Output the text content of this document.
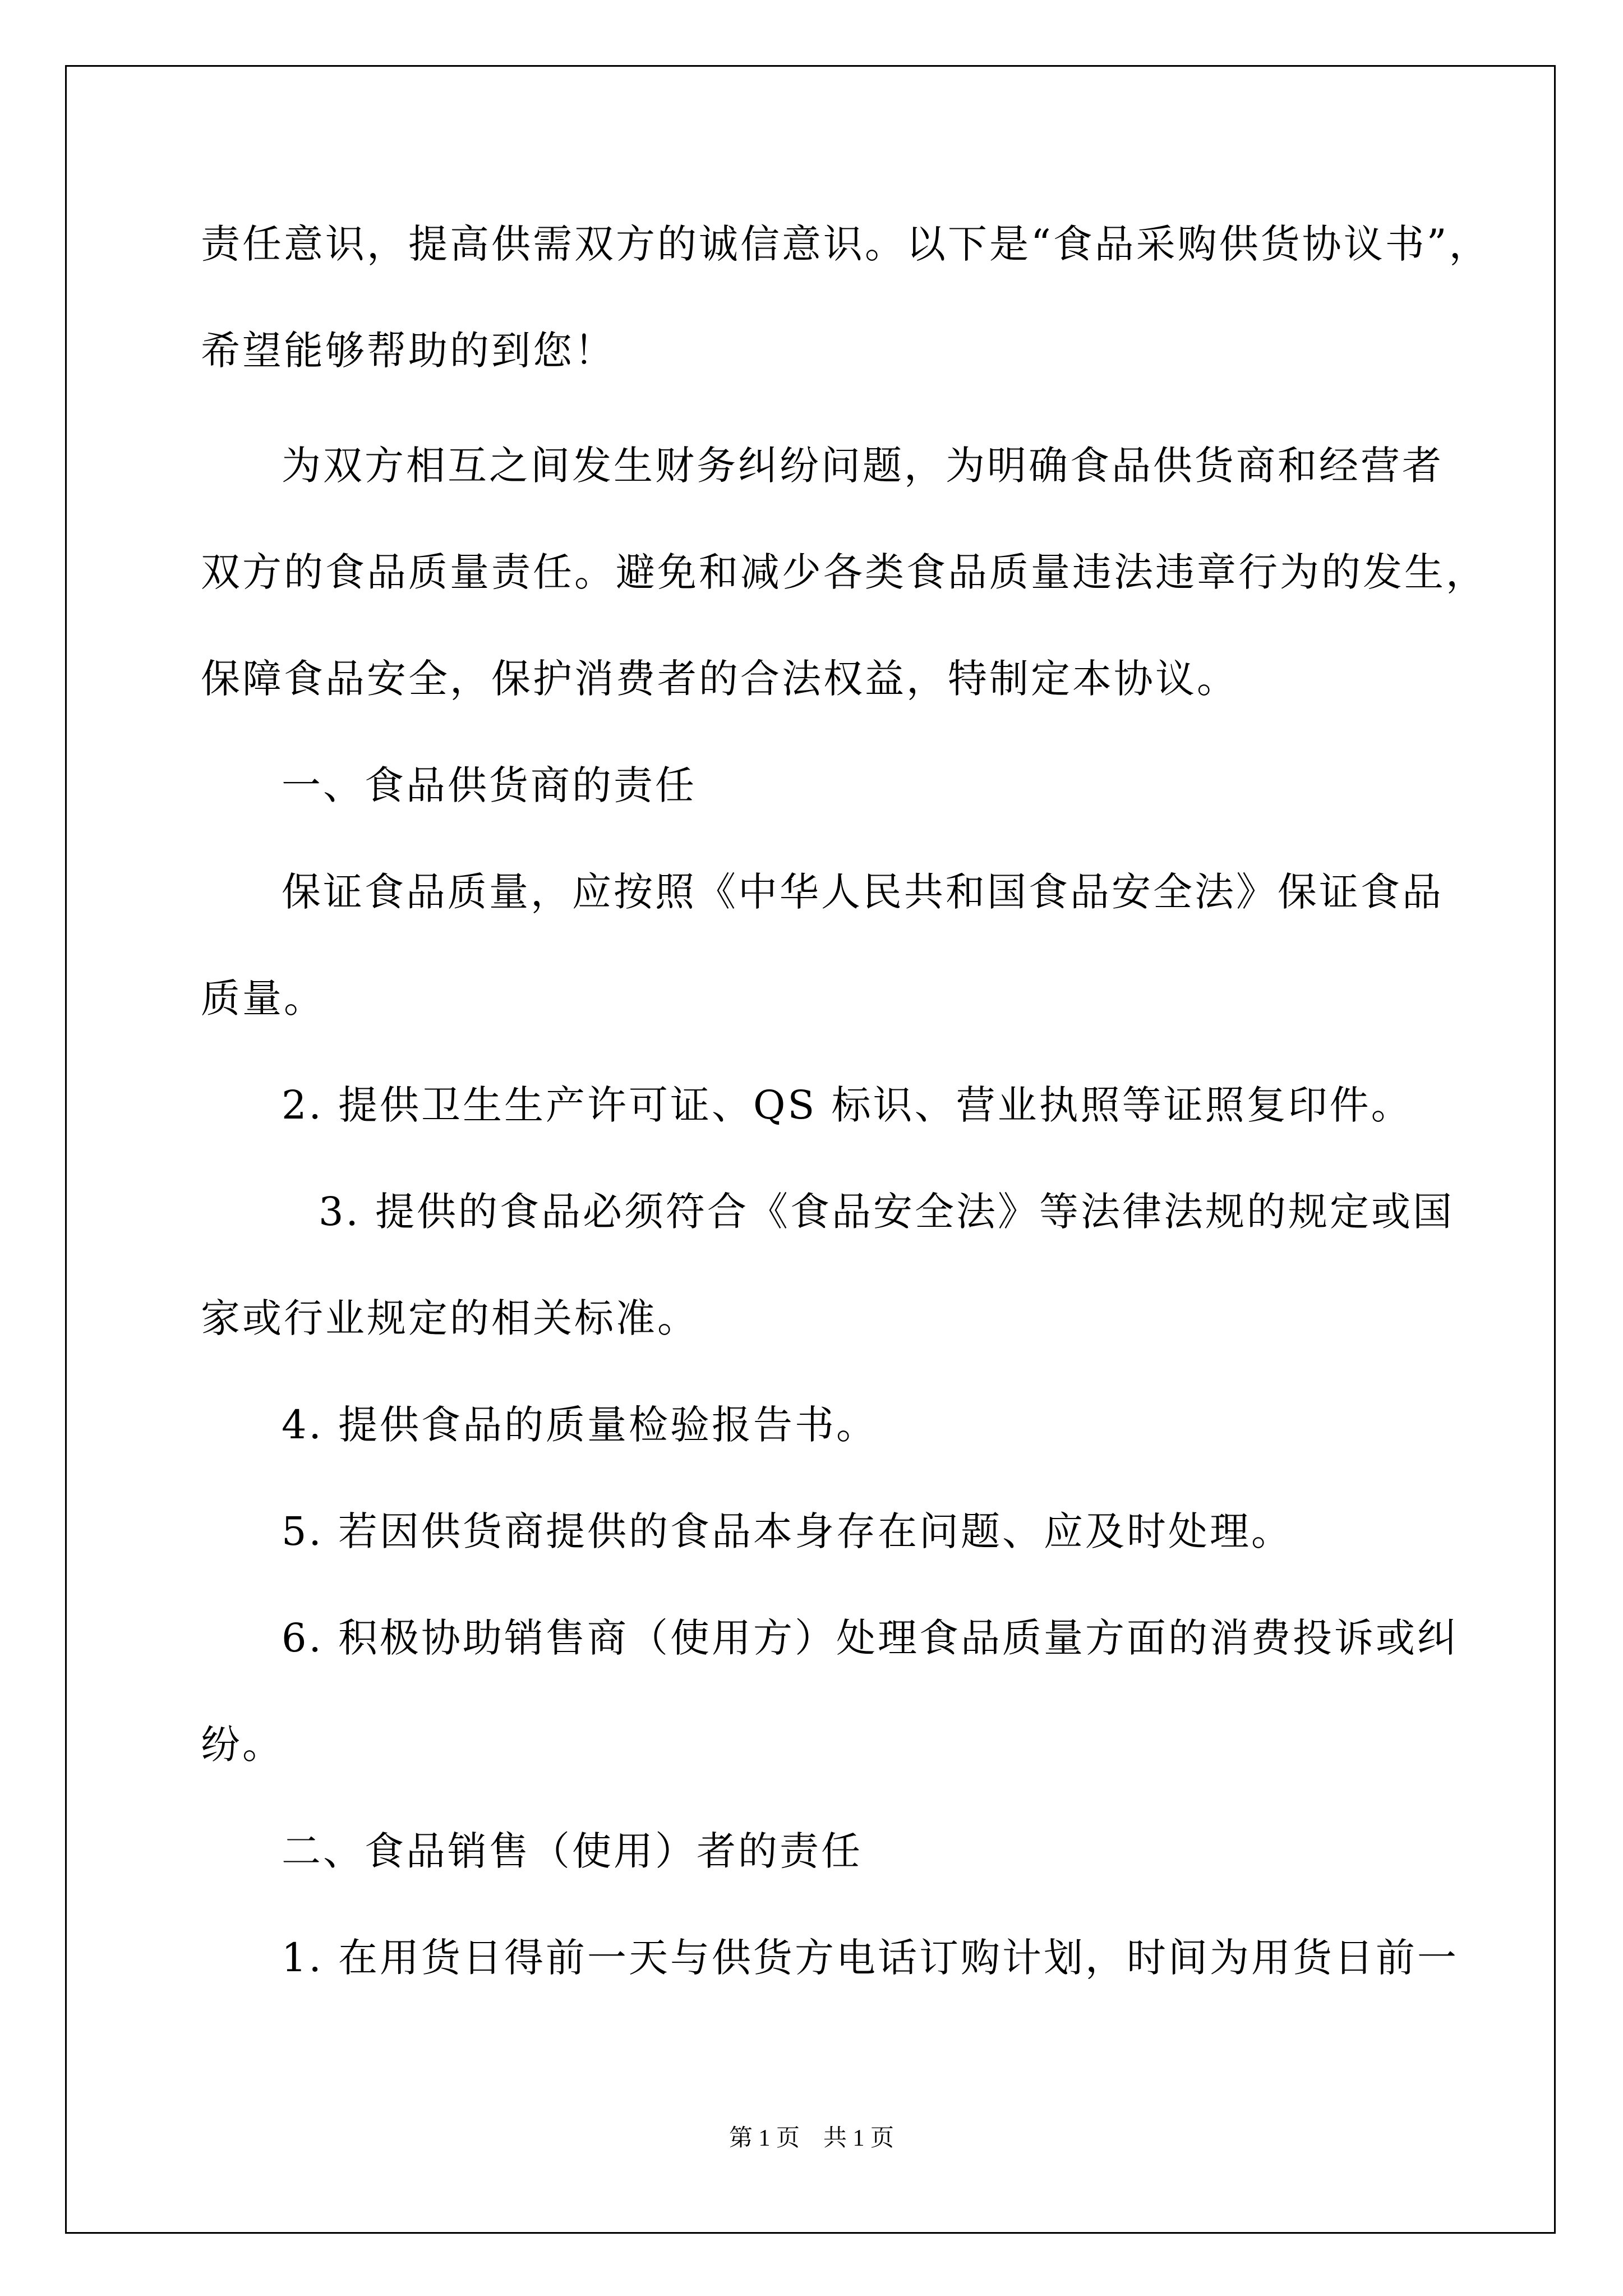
责任意识，提高供需双方的诚信意识。以下是“食品采购供货协议书”，
希望能够帮助的到您！
为双方相互之间发生财务纠纷问题，为明确食品供货商和经营者
双方的食品质量责任。避免和减少各类食品质量违法违章行为的发生，
保障食品安全，保护消费者的合法权益，特制定本协议。
一、食品供货商的责任
保证食品质量，应按照《中华人民共和国食品安全法》保证食品
质量。
2. 提供卫生生产许可证、QS 标识、营业执照等证照复印件。
3. 提供的食品必须符合《食品安全法》等法律法规的规定或国
家或行业规定的相关标准。
4. 提供食品的质量检验报告书。
5. 若因供货商提供的食品本身存在问题、应及时处理。
6. 积极协助销售商（使用方）处理食品质量方面的消费投诉或纠
纷。
二、食品销售（使用）者的责任
1. 在用货日得前一天与供货方电话订购计划，时间为用货日前一
第 1 页　共 1 页
